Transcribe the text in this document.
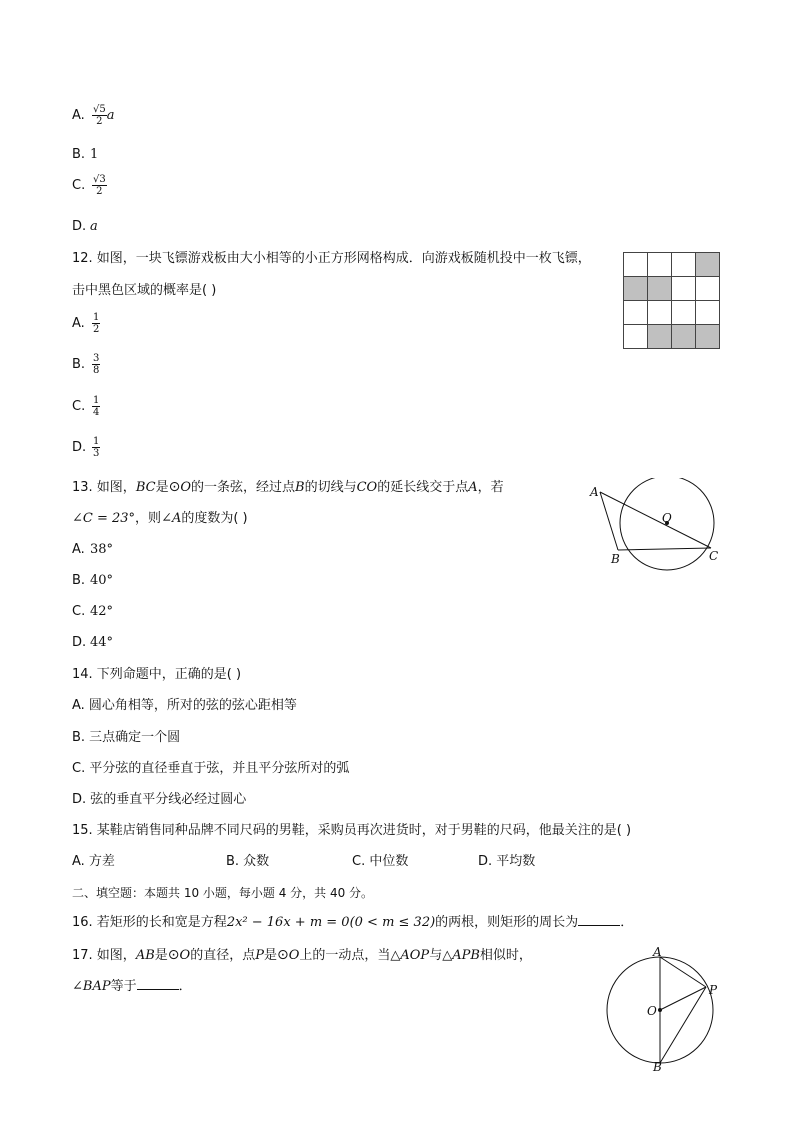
A. $\frac{√5}{2}$ a
B. 1
C. $\frac{√3}{2}$
D. a
12. 如图，一块飞镖游戏板由大小相等的小正方形网格构成．向游戏板随机投中一枚飞镖，
击中黑色区域的概率是( )

A. $\frac{1}{2}$
B. $\frac{3}{8}$
C. $\frac{1}{4}$
D. $\frac{1}{3}$
13. 如图，BC是⊙O的一条弦，经过点B的切线与CO的延长线交于点A，若
∠C = 23°，则∠A的度数为( )
A
O
B	C
A. 38°
B. 40°
C. 42°
D. 44°
14. 下列命题中，正确的是( )
A. 圆心角相等，所对的弦的弦心距相等
B. 三点确定一个圆
C. 平分弦的直径垂直于弦，并且平分弦所对的弧
D. 弦的垂直平分线必经过圆心
15. 某鞋店销售同种品牌不同尺码的男鞋，采购员再次进货时，对于男鞋的尺码，他最关注的是( )
A. 方差	B. 众数	C. 中位数	D. 平均数
二、填空题：本题共 10 小题，每小题 4 分，共 40 分。
16. 若矩形的长和宽是方程2x² − 16x + m = 0(0 < m ≤ 32)的两根，则矩形的周长为	．
17. 如图，AB是⊙O的直径，点P是⊙O上的一动点，当△AOP与△APB相似时，
∠BAP等于	．
A
O
P
B
